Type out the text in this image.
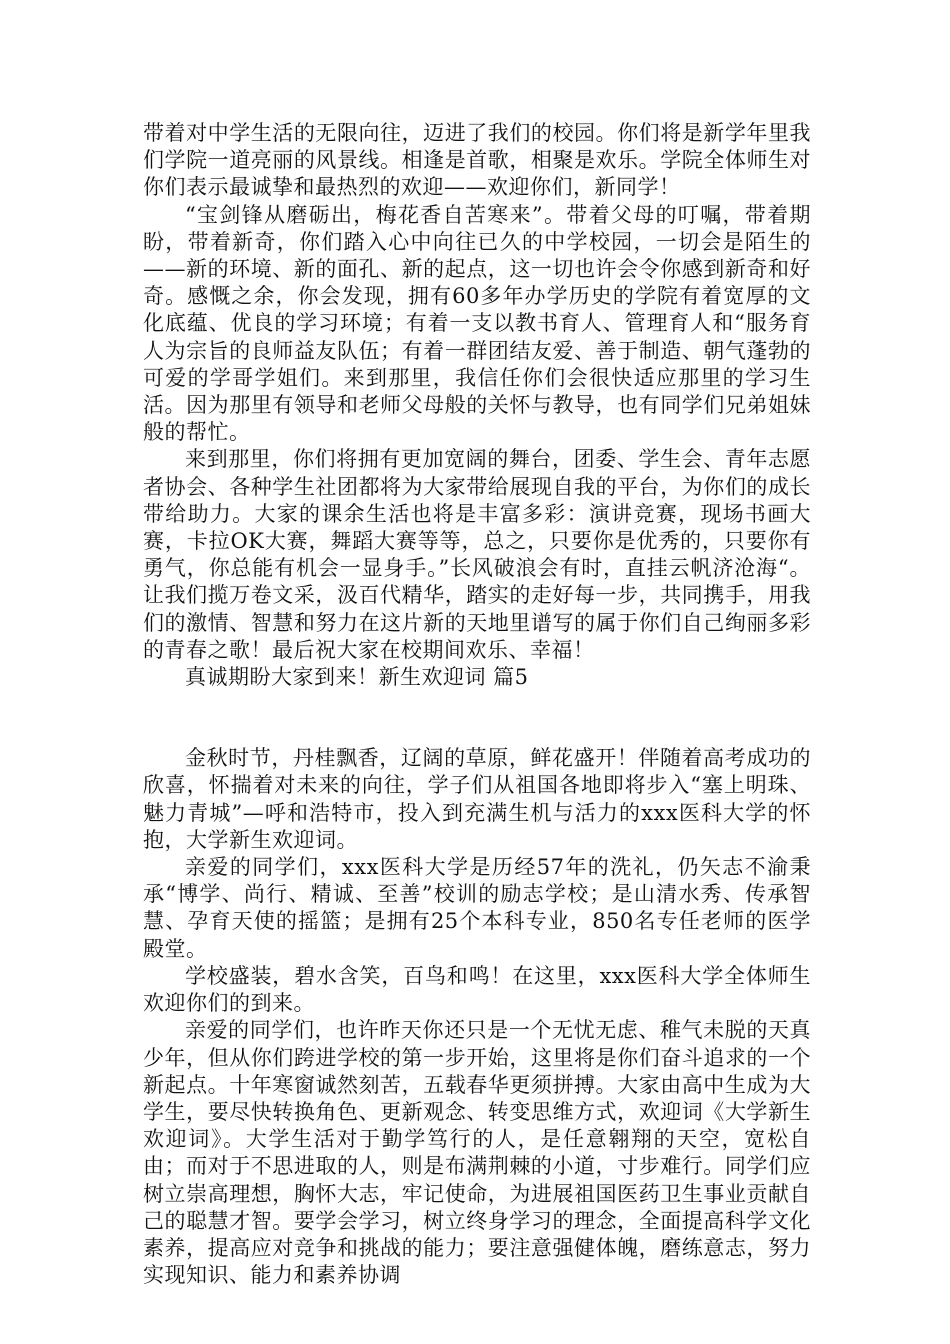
带着对中学生活的无限向往，迈进了我们的校园。你们将是新学年里我们学院一道亮丽的风景线。相逢是首歌，相聚是欢乐。学院全体师生对你们表示最诚挚和最热烈的欢迎——欢迎你们，新同学！

“宝剑锋从磨砺出，梅花香自苦寒来”。带着父母的叮嘱，带着期盼，带着新奇，你们踏入心中向往已久的中学校园，一切会是陌生的——新的环境、新的面孔、新的起点，这一切也许会令你感到新奇和好奇。感慨之余，你会发现，拥有60多年办学历史的学院有着宽厚的文化底蕴、优良的学习环境；有着一支以教书育人、管理育人和“服务育人为宗旨的良师益友队伍；有着一群团结友爱、善于制造、朝气蓬勃的可爱的学哥学姐们。来到那里，我信任你们会很快适应那里的学习生活。因为那里有领导和老师父母般的关怀与教导，也有同学们兄弟姐妹般的帮忙。

来到那里，你们将拥有更加宽阔的舞台，团委、学生会、青年志愿者协会、各种学生社团都将为大家带给展现自我的平台，为你们的成长带给助力。大家的课余生活也将是丰富多彩：演讲竞赛，现场书画大赛，卡拉OK大赛，舞蹈大赛等等，总之，只要你是优秀的，只要你有勇气，你总能有机会一显身手。”长风破浪会有时，直挂云帆济沧海“。让我们揽万卷文采，汲百代精华，踏实的走好每一步，共同携手，用我们的激情、智慧和努力在这片新的天地里谱写的属于你们自己绚丽多彩的青春之歌！最后祝大家在校期间欢乐、幸福！

真诚期盼大家到来！新生欢迎词 篇5

金秋时节，丹桂飘香，辽阔的草原，鲜花盛开！伴随着高考成功的欣喜，怀揣着对未来的向往，学子们从祖国各地即将步入“塞上明珠、魅力青城”—呼和浩特市，投入到充满生机与活力的xxx医科大学的怀抱，大学新生欢迎词。

亲爱的同学们，xxx医科大学是历经57年的洗礼，仍矢志不渝秉承“博学、尚行、精诚、至善”校训的励志学校；是山清水秀、传承智慧、孕育天使的摇篮；是拥有25个本科专业，850名专任老师的医学殿堂。

学校盛装，碧水含笑，百鸟和鸣！在这里，xxx医科大学全体师生欢迎你们的到来。

亲爱的同学们，也许昨天你还只是一个无忧无虑、稚气未脱的天真少年，但从你们跨进学校的第一步开始，这里将是你们奋斗追求的一个新起点。十年寒窗诚然刻苦，五载春华更须拼搏。大家由高中生成为大学生，要尽快转换角色、更新观念、转变思维方式，欢迎词《大学新生欢迎词》。大学生活对于勤学笃行的人，是任意翱翔的天空，宽松自由；而对于不思进取的人，则是布满荆棘的小道，寸步难行。同学们应树立崇高理想，胸怀大志，牢记使命，为进展祖国医药卫生事业贡献自己的聪慧才智。要学会学习，树立终身学习的理念，全面提高科学文化素养，提高应对竞争和挑战的能力；要注意强健体魄，磨练意志，努力实现知识、能力和素养协调
